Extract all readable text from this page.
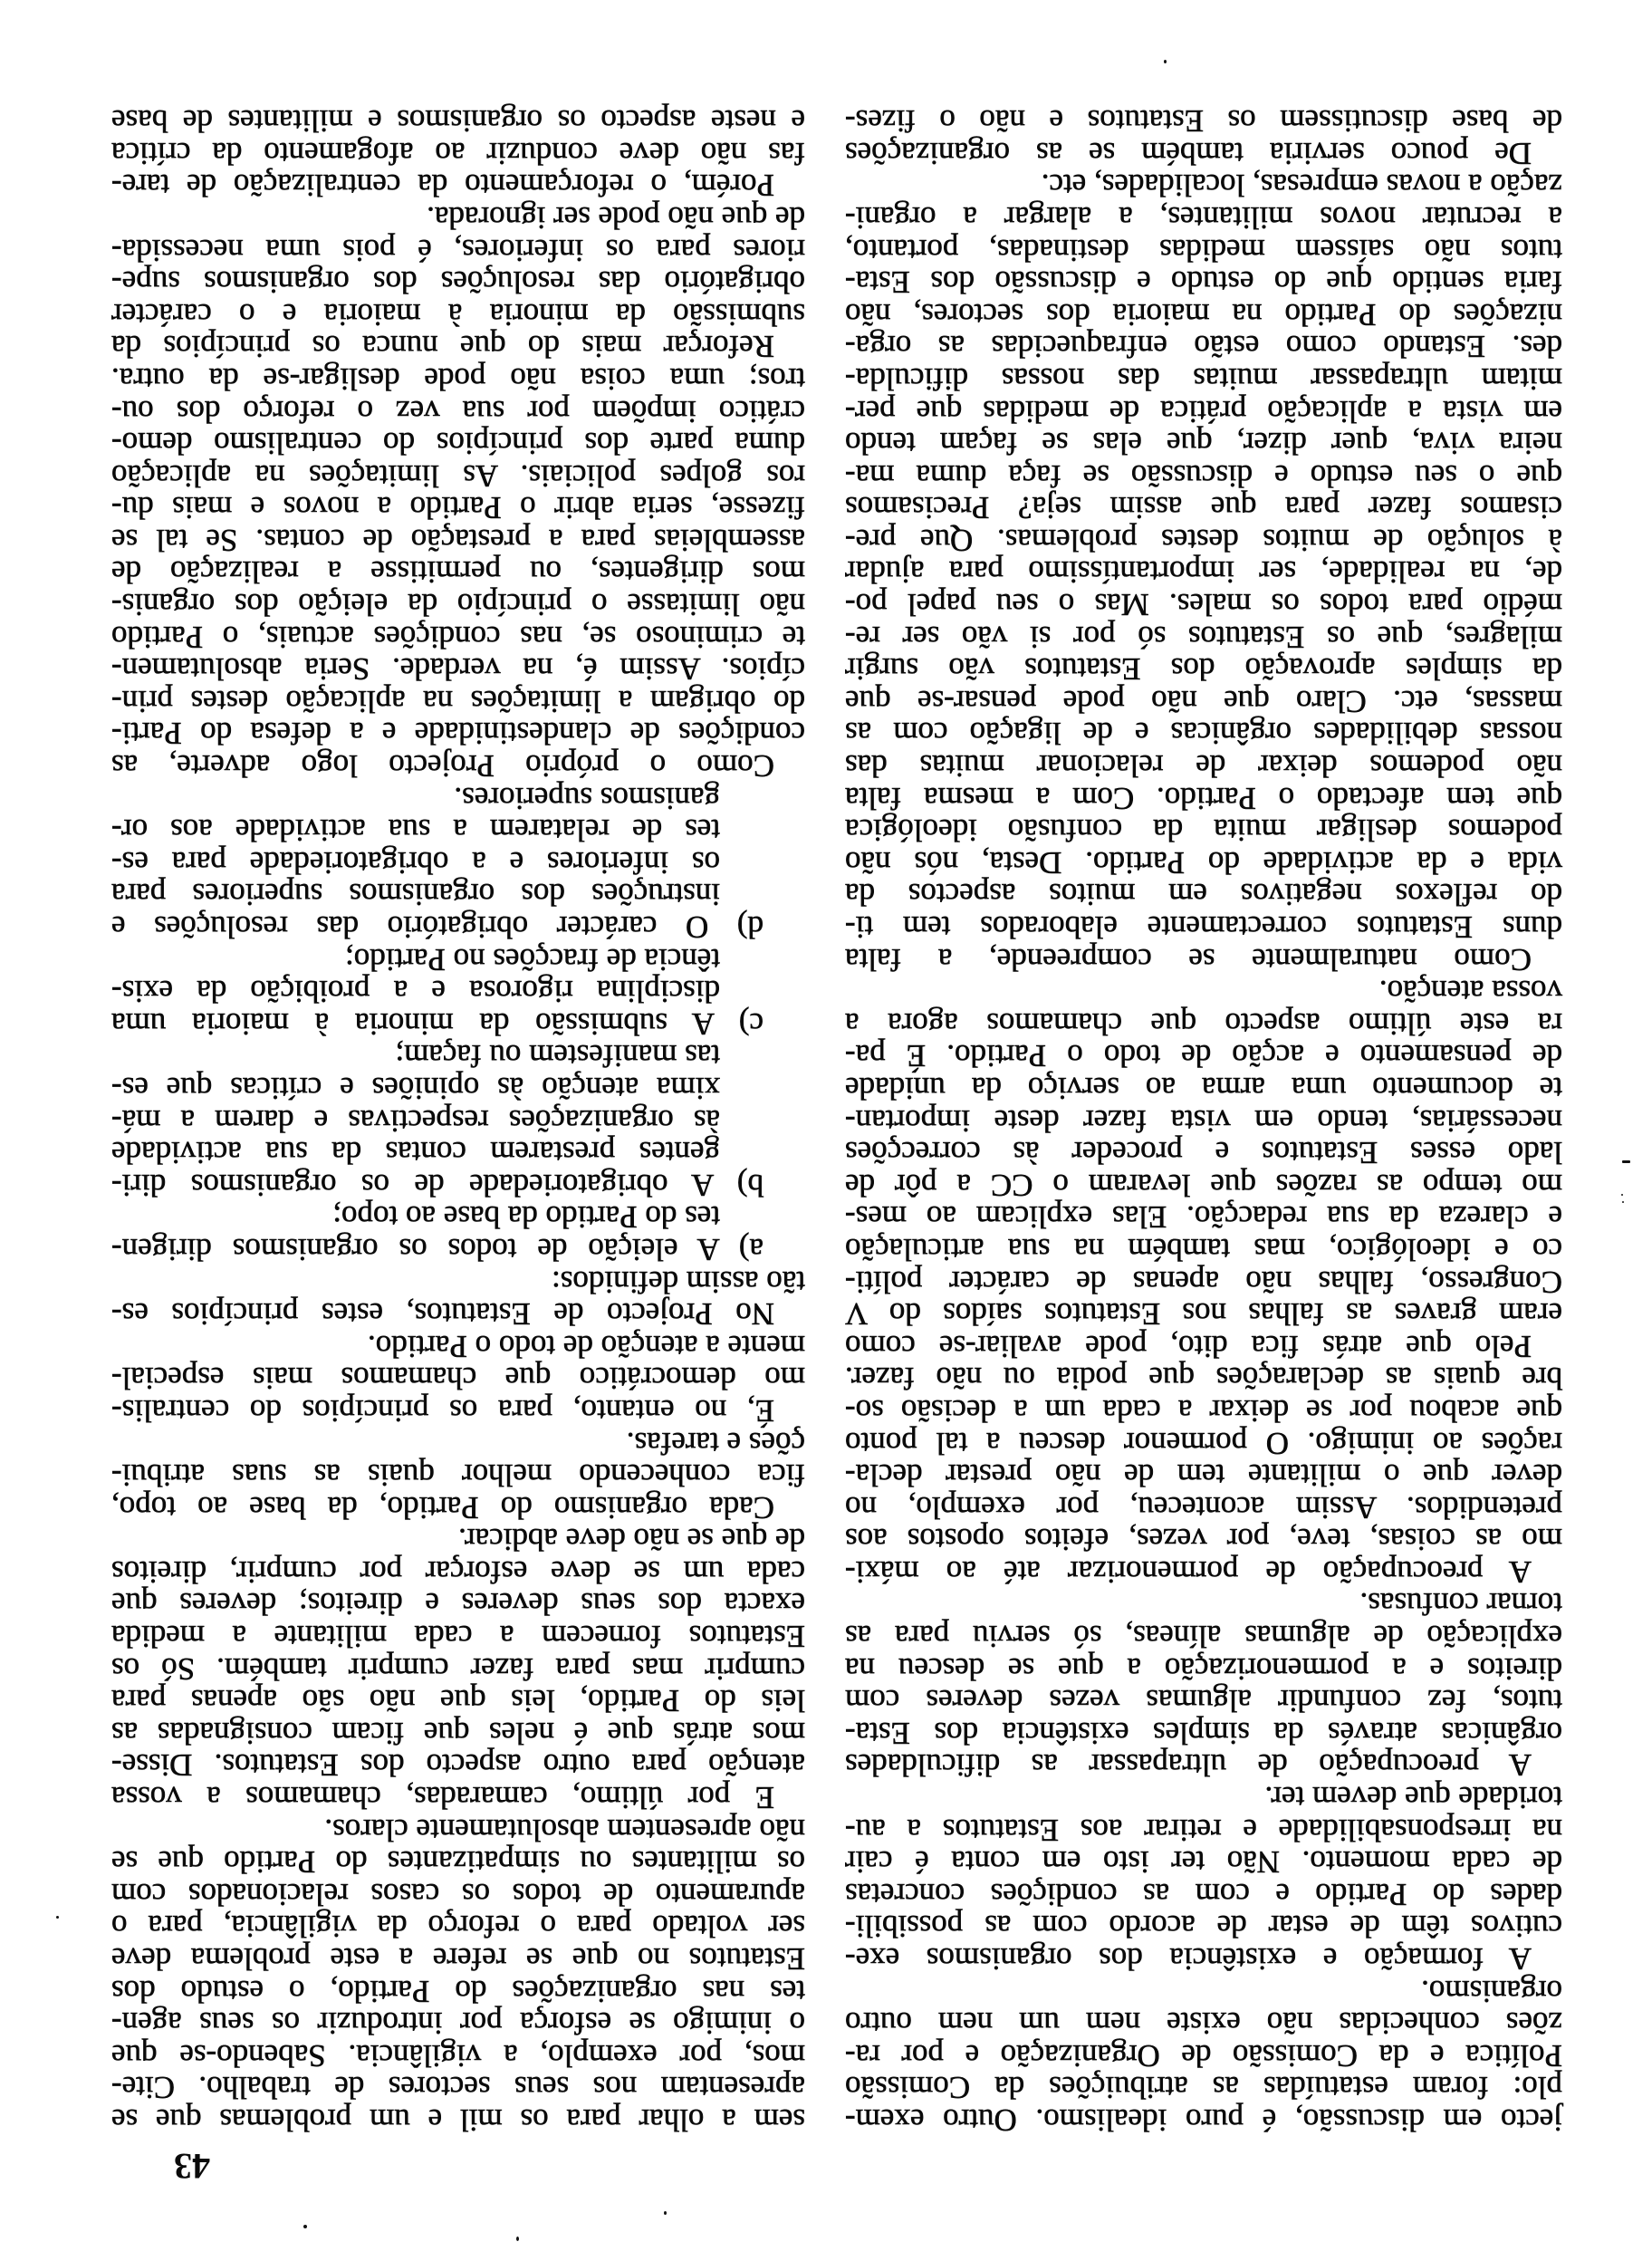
43
jecto em discussão, é puro idealismo. Outro exem-
plo: foram estatuídas as atribuições da Comissão
Política e da Comissão de Organização e por ra-
zões conhecidas não existe nem um nem outro
organismo.
A formação e existência dos organismos exe-
cutivos têm de estar de acordo com as possibili-
dades do Partido e com as condições concretas
de cada momento. Não ter isto em conta é cair
na irresponsabilidade e retirar aos Estatutos a au-
toridade que devem ter.
A preocupação de ultrapassar as dificuldades
orgânicas através da simples existência dos Esta-
tutos, fez confundir algumas vezes deveres com
direitos e a pormenorização a que se desceu na
explicação de algumas alíneas, só serviu para as
tornar confusas.
A preocupação de pormenorizar até ao máxi-
mo as coisas, teve, por vezes, efeitos opostos aos
pretendidos. Assim aconteceu, por exemplo, no
dever que o militante tem de não prestar decla-
rações ao inimigo. O pormenor desceu a tal ponto
que acabou por se deixar a cada um a decisão so-
bre quais as declarações que podia ou não fazer.
Pelo que atrás fica dito, pode avaliar-se como
eram graves as falhas nos Estatutos saídos do V
Congresso, falhas não apenas de carácter políti-
co e ideológico, mas também na sua articulação
e clareza da sua redacção. Elas explicam ao mes-
mo tempo as razões que levaram o CC a pôr de
lado esses Estatutos e proceder às correcções
necessárias, tendo em vista fazer deste importan-
te documento uma arma ao serviço da unidade
de pensamento e acção de todo o Partido. É pa-
ra este último aspecto que chamamos agora a
vossa atenção.
Como naturalmente se compreende, a falta
duns Estatutos correctamente elaborados tem ti-
do reflexos negativos em muitos aspectos da
vida e da actividade do Partido. Desta, nós não
podemos desligar muita da confusão ideológica
que tem afectado o Partido. Com a mesma falta
não podemos deixar de relacionar muitas das
nossas debilidades orgânicas e de ligação com as
massas, etc. Claro que não pode pensar-se que
da simples aprovação dos Estatutos vão surgir
milagres, que os Estatutos só por si vão ser re-
médio para todos os males. Mas o seu papel po-
de, na realidade, ser importantíssimo para ajudar
à solução de muitos destes problemas. Que pre-
cisamos fazer para que assim seja? Precisamos
que o seu estudo e discussão se faça duma ma-
neira viva, quer dizer, que elas se façam tendo
em vista a aplicação prática de medidas que per-
mitam ultrapassar muitas das nossas dificulda-
des. Estando como estão enfraquecidas as orga-
nizações do Partido na maioria dos sectores, não
faria sentido que do estudo e discussão dos Esta-
tutos não saíssem medidas destinadas, portanto,
a recrutar novos militantes, a alargar a organi-
zação a novas empresas, localidades, etc.
De pouco serviria também se as organizações
de base discutissem os Estatutos e não o fizes-
sem a olhar para os mil e um problemas que se
apresentam nos seus sectores de trabalho. Cite-
mos, por exemplo, a vigilância. Sabendo-se que
o inimigo se esforça por introduzir os seus agen-
tes nas organizações do Partido, o estudo dos
Estatutos no que se refere a este problema deve
ser voltado para o reforço da vigilância, para o
apuramento de todos os casos relacionados com
os militantes ou simpatizantes do Partido que se
não apresentem absolutamente claros.
E por último, camaradas, chamamos a vossa
atenção para outro aspecto dos Estatutos. Disse-
mos atrás que é neles que ficam consignadas as
leis do Partido, leis que não são apenas para
cumprir mas para fazer cumprir também. Só os
Estatutos fornecem a cada militante a medida
exacta dos seus deveres e direitos; deveres que
cada um se deve esforçar por cumprir, direitos
de que se não deve abdicar.
Cada organismo do Partido, da base ao topo,
fica conhecendo melhor quais as suas atribui-
ções e tarefas.
É, no entanto, para os princípios do centralis-
mo democrático que chamamos mais especial-
mente a atenção de todo o Partido.
No Projecto de Estatutos, estes princípios es-
tão assim definidos:
a) A eleição de todos os organismos dirigen-
tes do Partido da base ao topo;
b) A obrigatoriedade de os organismos diri-
gentes prestarem contas da sua actividade
às organizações respectivas e darem a má-
xima atenção às opiniões e críticas que es-
tas manifestem ou façam;
c) A submissão da minoria à maioria uma
disciplina rigorosa e a proibição da exis-
tência de fracções no Partido;
d) O carácter obrigatório das resoluções e
instruções dos organismos superiores para
os inferiores e a obrigatoriedade para es-
tes de relatarem a sua actividade aos or-
ganismos superiores.
Como o próprio Projecto logo adverte, as
condições de clandestinidade e a defesa do Parti-
do obrigam a limitações na aplicação destes prin-
cípios. Assim é, na verdade. Seria absolutamen-
te criminoso se, nas condições actuais, o Partido
não limitasse o princípio da eleição dos organis-
mos dirigentes, ou permitisse a realização de
assembleias para a prestação de contas. Se tal se
fizesse, seria abrir o Partido a novos e mais du-
ros golpes policiais. As limitações na aplicação
duma parte dos princípios do centralismo demo-
crático impõem por sua vez o reforço dos ou-
tros; uma coisa não pode desligar-se da outra.
Reforçar mais do que nunca os princípios da
submissão da minoria à maioria e o carácter
obrigatório das resoluções dos organismos supe-
riores para os inferiores, é pois uma necessida-
de que não pode ser ignorada.
Porém, o reforçamento da centralização de tare-
fas não deve conduzir ao afogamento da crítica
e neste aspecto os organismos e militantes de base
